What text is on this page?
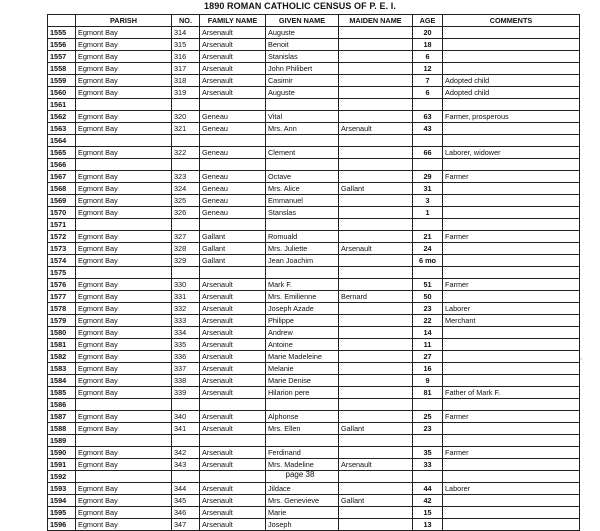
1890 ROMAN CATHOLIC CENSUS OF P. E. I.
	PARISH	NO.	FAMILY NAME	GIVEN NAME	MAIDEN NAME	AGE	COMMENTS
1555	Egmont Bay	314	Arsenault	Auguste		20	
1556	Egmont Bay	315	Arsenault	Benoit		18	
1557	Egmont Bay	316	Arsenault	Stanislas		6	
1558	Egmont Bay	317	Arsenault	John Philibert		12	
1559	Egmont Bay	318	Arsenault	Casimir		7	Adopted child
1560	Egmont Bay	319	Arsenault	Auguste		6	Adopted child
1561							
1562	Egmont Bay	320	Geneau	Vital		63	Farmer, prosperous
1563	Egmont Bay	321	Geneau	Mrs. Ann	Arsenault	43	
1564							
1565	Egmont Bay	322	Geneau	Clement		66	Laborer, widower
1566							
1567	Egmont Bay	323	Geneau	Octave		29	Farmer
1568	Egmont Bay	324	Geneau	Mrs. Alice	Gallant	31	
1569	Egmont Bay	325	Geneau	Emmanuel		3	
1570	Egmont Bay	326	Geneau	Stanslas		1	
1571							
1572	Egmont Bay	327	Gallant	Romuald		21	Farmer
1573	Egmont Bay	328	Gallant	Mrs. Juliette	Arsenault	24	
1574	Egmont Bay	329	Gallant	Jean Joachim		6 mo	
1575							
1576	Egmont Bay	330	Arsenault	Mark F.		51	Farmer
1577	Egmont Bay	331	Arsenault	Mrs. Emilienne	Bernard	50	
1578	Egmont Bay	332	Arsenault	Joseph Azade		23	Laborer
1579	Egmont Bay	333	Arsenault	Philippe		22	Merchant
1580	Egmont Bay	334	Arsenault	Andrew		14	
1581	Egmont Bay	335	Arsenault	Antoine		11	
1582	Egmont Bay	336	Arsenault	Marie Madeleine		27	
1583	Egmont Bay	337	Arsenault	Melanie		16	
1584	Egmont Bay	338	Arsenault	Marie Denise		9	
1585	Egmont Bay	339	Arsenault	Hilarion pere		81	Father of Mark F.
1586							
1587	Egmont Bay	340	Arsenault	Alphonse		25	Farmer
1588	Egmont Bay	341	Arsenault	Mrs. Ellen	Gallant	23	
1589							
1590	Egmont Bay	342	Arsenault	Ferdinand		35	Farmer
1591	Egmont Bay	343	Arsenault	Mrs. Madeline	Arsenault	33	
1592							
1593	Egmont Bay	344	Arsenault	Jildace		44	Laborer
1594	Egmont Bay	345	Arsenault	Mrs. Genevieve	Gallant	42	
1595	Egmont Bay	346	Arsenault	Marie		15	
1596	Egmont Bay	347	Arsenault	Joseph		13	
,
page 38
